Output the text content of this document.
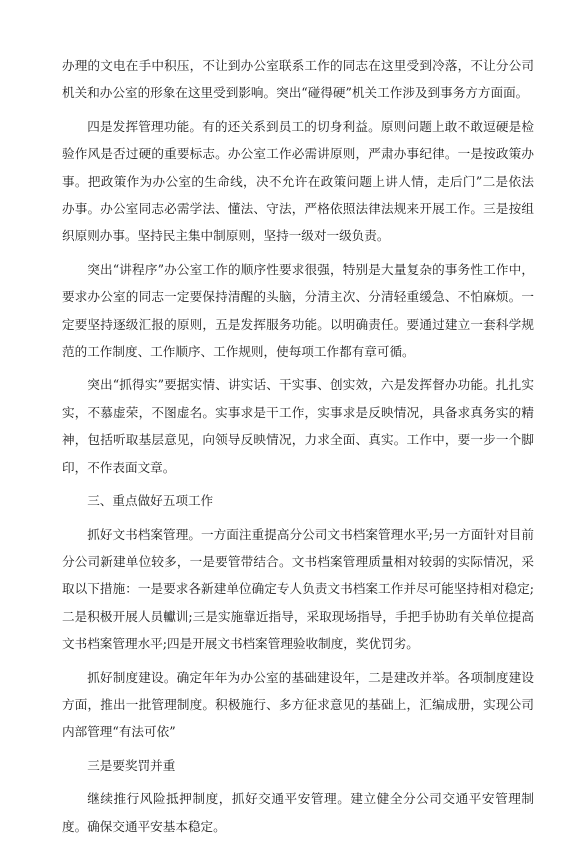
办理的文电在手中积压，不让到办公室联系工作的同志在这里受到冷落，不让分公司机关和办公室的形象在这里受到影响。突出“碰得硬”机关工作涉及到事务方方面面。

四是发挥管理功能。有的还关系到员工的切身利益。原则问题上敢不敢逗硬是检验作风是否过硬的重要标志。办公室工作必需讲原则，严肃办事纪律。一是按政策办事。把政策作为办公室的生命线，决不允许在政策问题上讲人情，走后门”二是依法办事。办公室同志必需学法、懂法、守法，严格依照法律法规来开展工作。三是按组织原则办事。坚持民主集中制原则，坚持一级对一级负责。

突出“讲程序”办公室工作的顺序性要求很强，特别是大量复杂的事务性工作中，要求办公室的同志一定要保持清醒的头脑，分清主次、分清轻重缓急、不怕麻烦。一定要坚持逐级汇报的原则，五是发挥服务功能。以明确责任。要通过建立一套科学规范的工作制度、工作顺序、工作规则，使每项工作都有章可循。

突出“抓得实”要据实情、讲实话、干实事、创实效，六是发挥督办功能。扎扎实实，不慕虚荣，不图虚名。实事求是干工作，实事求是反映情况，具备求真务实的精神，包括听取基层意见，向领导反映情况，力求全面、真实。工作中，要一步一个脚印，不作表面文章。

三、重点做好五项工作

抓好文书档案管理。一方面注重提高分公司文书档案管理水平;另一方面针对目前分公司新建单位较多，一是要管带结合。文书档案管理质量相对较弱的实际情况，采取以下措施：一是要求各新建单位确定专人负责文书档案工作并尽可能坚持相对稳定;二是积极开展人员䡾训;三是实施靠近指导，采取现场指导，手把手协助有关单位提高文书档案管理水平;四是开展文书档案管理验收制度，奖优罚劣。

抓好制度建设。确定年年为办公室的基础建设年，二是建改并举。各项制度建设方面，推出一批管理制度。积极施行、多方征求意见的基础上，汇编成册，实现公司内部管理“有法可依”

三是要奖罚并重

继续推行风险抵押制度，抓好交通平安管理。建立健全分公司交通平安管理制度。确保交通平安基本稳定。
